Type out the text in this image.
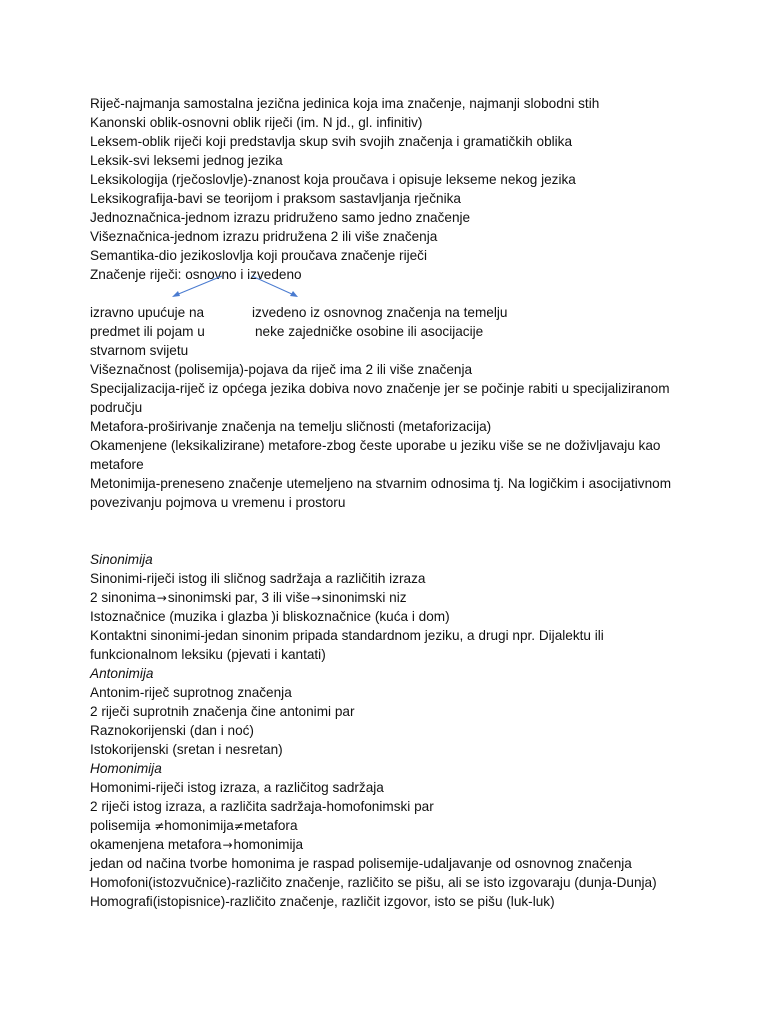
Riječ-najmanja samostalna jezična jedinica koja ima značenje, najmanji slobodni stih
Kanonski oblik-osnovni oblik riječi (im. N jd., gl. infinitiv)
Leksem-oblik riječi koji predstavlja skup svih svojih značenja i gramatičkih oblika
Leksik-svi leksemi jednog jezika
Leksikologija (rječoslovlje)-znanost koja proučava i opisuje lekseme nekog jezika
Leksikografija-bavi se teorijom i praksom sastavljanja rječnika
Jednoznačnica-jednom izrazu pridruženo samo jedno značenje
Višeznačnica-jednom izrazu pridružena 2 ili više značenja
Semantika-dio jezikoslovlja koji proučava značenje riječi
Značenje riječi: osnovno i izvedeno
izravno upućuje na
predmet ili pojam u
stvarnom svijetu
izvedeno iz osnovnog značenja na temelju
neke zajedničke osobine ili asocijacije
Višeznačnost (polisemija)-pojava da riječ ima 2 ili više značenja
Specijalizacija-riječ iz općega jezika dobiva novo značenje jer se počinje rabiti u specijaliziranom području
Metafora-proširivanje značenja na temelju sličnosti (metaforizacija)
Okamenjene (leksikalizirane) metafore-zbog česte uporabe u jeziku više se ne doživljavaju kao metafore
Metonimija-preneseno značenje utemeljeno na stvarnim odnosima tj. Na logičkim i asocijativnom povezivanju pojmova u vremenu i prostoru
Sinonimija
Sinonimi-riječi istog ili sličnog sadržaja a različitih izraza
2 sinonima→sinonimski par, 3 ili više→sinonimski niz
Istoznačnice (muzika i glazba )i bliskoznačnice (kuća i dom)
Kontaktni sinonimi-jedan sinonim pripada standardnom jeziku, a drugi npr. Dijalektu ili funkcionalnom leksiku (pjevati i kantati)
Antonimija
Antonim-riječ suprotnog značenja
2 riječi suprotnih značenja čine antonimi par
Raznokorijenski (dan i noć)
Istokorijenski (sretan i nesretan)
Homonimija
Homonimi-riječi istog izraza, a različitog sadržaja
2 riječi istog izraza, a različita sadržaja-homofonimski par
polisemija ≠homonimija≠metafora
okamenjena metafora→homonimija
jedan od načina tvorbe homonima je raspad polisemije-udaljavanje od osnovnog značenja
Homofoni(istozvučnice)-različito značenje, različito se pišu, ali se isto izgovaraju (dunja-Dunja)
Homografi(istopisnice)-različito značenje, različit izgovor, isto se pišu (luk-luk)
